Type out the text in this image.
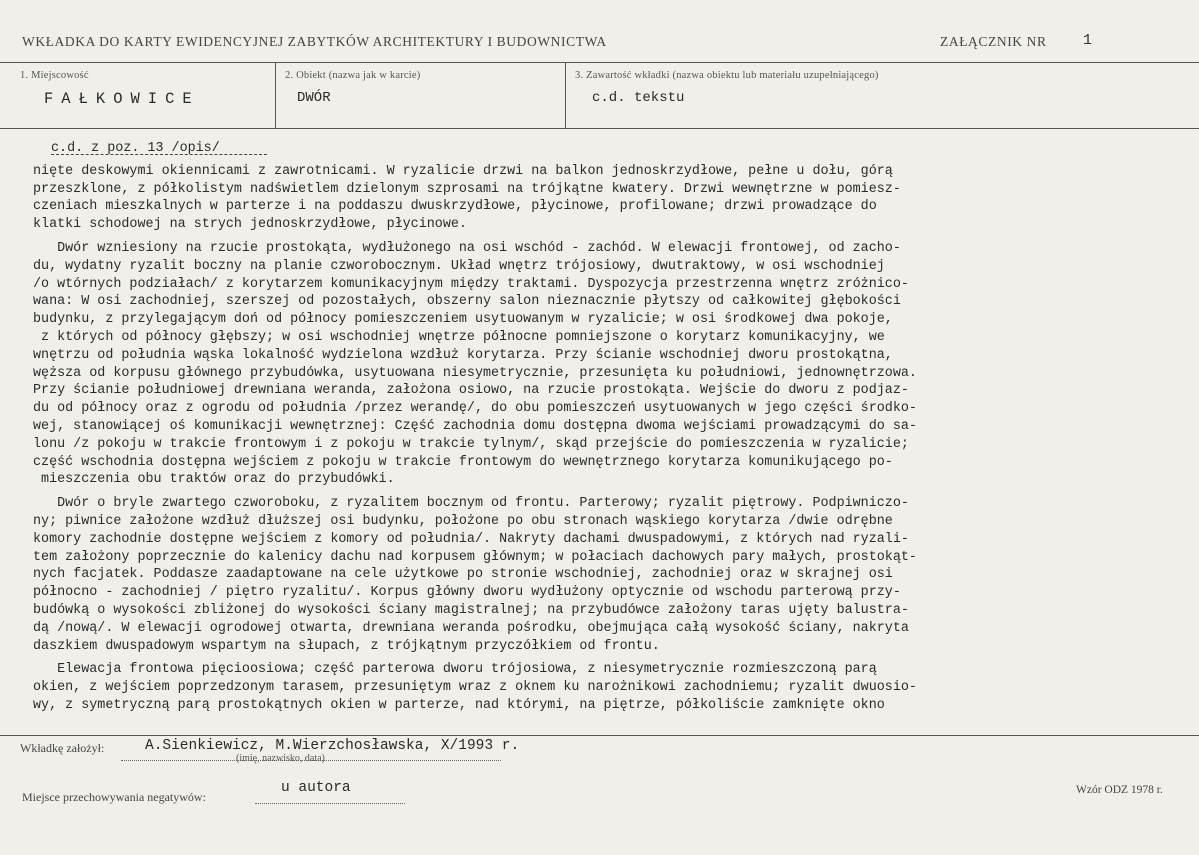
WKŁADKA DO KARTY EWIDENCYJNEJ ZABYTKÓW ARCHITEKTURY I BUDOWNICTWA	ZAŁĄCZNIK NR 1
1. Miejscowość
FAŁKOWICE
2. Obiekt (nazwa jak w karcie)
DWÓR
3. Zawartość wkładki (nazwa obiektu lub materiału uzupełniającego)
c.d. tekstu
c.d. z poz. 13 /opis/
nięte deskowymi okiennicami z zawrotnicami. W ryzalicie drzwi na balkon jednoskrzydłowe, pełne u dołu, górą
przeszklone, z półkolistym nadświetlem dzielonym szprosami na trójkątne kwatery. Drzwi wewnętrzne w pomiesz-
czeniach mieszkalnych w parterze i na poddaszu dwuskrzydłowe, płycinowe, profilowane; drzwi prowadzące do
klatki schodowej na strych jednoskrzydłowe, płycinowe.
Dwór wzniesiony na rzucie prostokąta, wydłużonego na osi wschód - zachód. W elewacji frontowej, od zacho-
du, wydatny ryzalit boczny na planie czworobocznym. Układ wnętrz trójosiowy, dwutraktowy, w osi wschodniej
/o wtórnych podziałach/ z korytarzem komunikacyjnym między traktami. Dyspozycja przestrzenna wnętrz zróżnico-
wana: W osi zachodniej, szerszej od pozostałych, obszerny salon nieznacznie płytszy od całkowitej głębokości
budynku, z przylegającym doń od północy pomieszczeniem usytuowanym w ryzalicie; w osi środkowej dwa pokoje,
z których od północy głębszy; w osi wschodniej wnętrze północne pomniejszone o korytarz komunikacyjny, we
wnętrzu od południa wąska lokalność wydzielona wzdłuż korytarza. Przy ścianie wschodniej dworu prostokątna,
węższa od korpusu głównego przybudówka, usytuowana niesymetrycznie, przesunięta ku południowi, jednownętrzowa.
Przy ścianie południowej drewniana weranda, założona osiowo, na rzucie prostokąta. Wejście do dworu z podjaz-
du od północy oraz z ogrodu od południa /przez werandę/, do obu pomieszczeń usytuowanych w jego części środko-
wej, stanowiącej oś komunikacji wewnętrznej: Część zachodnia domu dostępna dwoma wejściami prowadzącymi do sa-
lonu /z pokoju w trakcie frontowym i z pokoju w trakcie tylnym/, skąd przejście do pomieszczenia w ryzalicie;
część wschodnia dostępna wejściem z pokoju w trakcie frontowym do wewnętrznego korytarza komunikującego po-
mieszczenia obu traktów oraz do przybudówki.
Dwór o bryle zwartego czworoboku, z ryzalitem bocznym od frontu. Parterowy; ryzalit piętrowy. Podpiwniczo-
ny; piwnice założone wzdłuż dłuższej osi budynku, położone po obu stronach wąskiego korytarza /dwie odrębne
komory zachodnie dostępne wejściem z komory od południa/. Nakryty dachami dwuspadowymi, z których nad ryzali-
tem założony poprzecznie do kalenicy dachu nad korpusem głównym; w połaciach dachowych pary małych, prostokąt-
nych facjatek. Poddasze zaadaptowane na cele użytkowe po stronie wschodniej, zachodniej oraz w skrajnej osi
północno - zachodniej / piętro ryzalitu/. Korpus główny dworu wydłużony optycznie od wschodu parterową przy-
budówką o wysokości zbliżonej do wysokości ściany magistralnej; na przybudówce założony taras ujęty balustra-
dą /nową/. W elewacji ogrodowej otwarta, drewniana weranda pośrodku, obejmująca całą wysokość ściany, nakryta
daszkiem dwuspadowym wspartym na słupach, z trójkątnym przyczółkiem od frontu.
Elewacja frontowa pięcioosiowa; część parterowa dworu trójosiowa, z niesymetrycznie rozmieszczoną parą
okien, z wejściem poprzedzonym tarasem, przesuniętym wraz z oknem ku narożnikowi zachodniemu; ryzalit dwuosio-
wy, z symetryczną parą prostokątnych okien w parterze, nad którymi, na piętrze, półkoliście zamknięte okno
Wkładkę założył:	A.Sienkiewicz, M.Wierzchosławska, X/1993 r.
(imię, nazwisko, data)
Miejsce przechowywania negatywów:
u autora	Wzór ODZ 1978 r.
